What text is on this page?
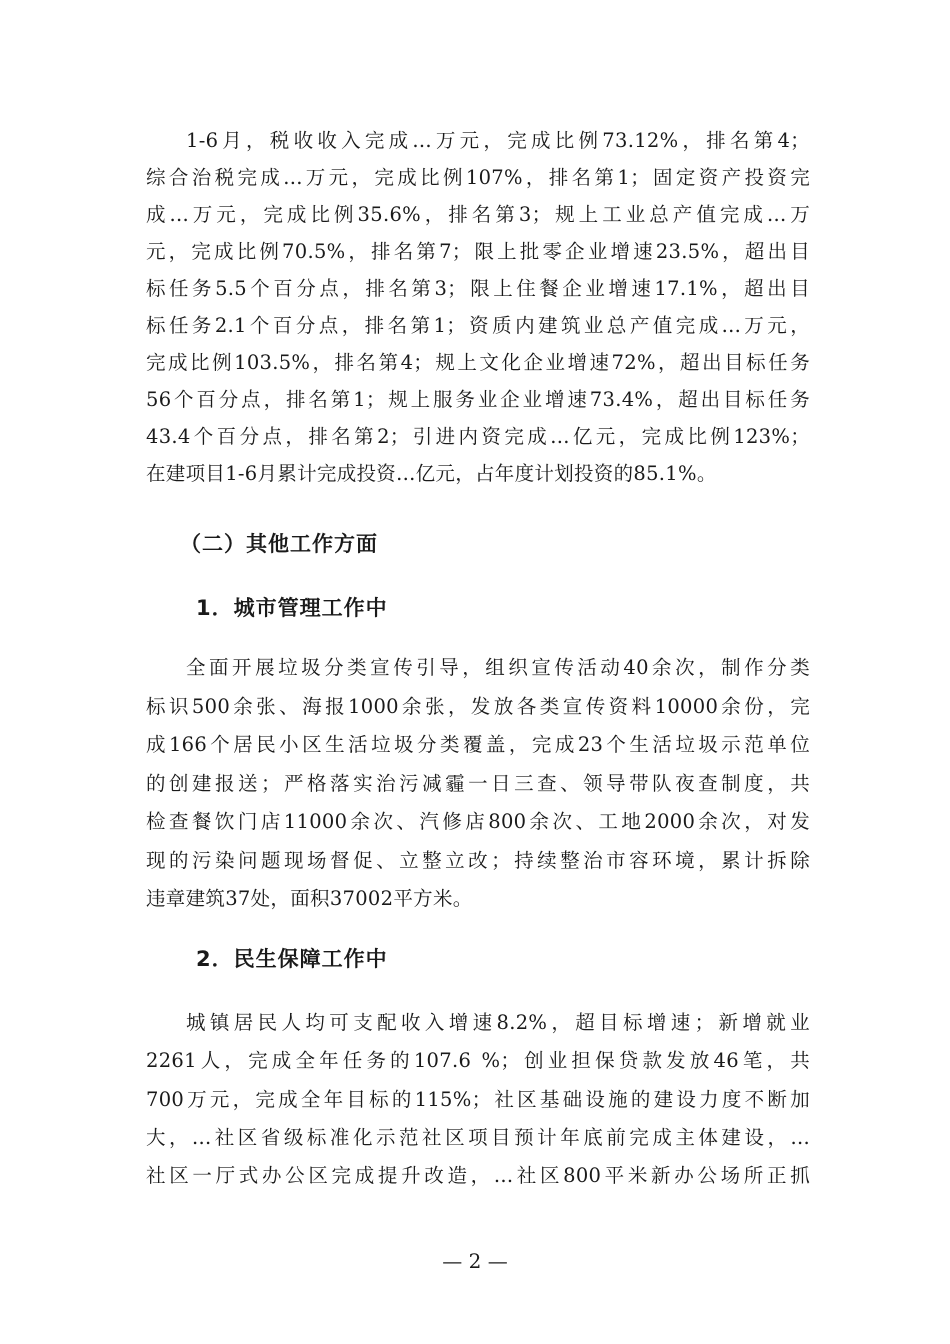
1-6月，税收收入完成...万元，完成比例73.12%，排名第4；
综合治税完成...万元，完成比例107%，排名第1；固定资产投资完
成...万元，完成比例35.6%，排名第3；规上工业总产值完成...万
元，完成比例70.5%，排名第7；限上批零企业增速23.5%，超出目
标任务5.5个百分点，排名第3；限上住餐企业增速17.1%，超出目
标任务2.1个百分点，排名第1；资质内建筑业总产值完成...万元，
完成比例103.5%，排名第4；规上文化企业增速72%，超出目标任务
56个百分点，排名第1；规上服务业企业增速73.4%，超出目标任务
43.4个百分点，排名第2；引进内资完成...亿元，完成比例123%；
在建项目1-6月累计完成投资...亿元，占年度计划投资的85.1%。
（二）其他工作方面
1．城市管理工作中
全面开展垃圾分类宣传引导，组织宣传活动40余次，制作分类
标识500余张、海报1000余张，发放各类宣传资料10000余份，完
成166个居民小区生活垃圾分类覆盖，完成23个生活垃圾示范单位
的创建报送；严格落实治污减霾一日三查、领导带队夜查制度，共
检查餐饮门店11000余次、汽修店800余次、工地2000余次，对发
现的污染问题现场督促、立整立改；持续整治市容环境，累计拆除
违章建筑37处，面积37002平方米。
2．民生保障工作中
城镇居民人均可支配收入增速8.2%，超目标增速；新增就业
2261人，完成全年任务的107.6 %；创业担保贷款发放46笔，共
700万元，完成全年目标的115%；社区基础设施的建设力度不断加
大，...社区省级标准化示范社区项目预计年底前完成主体建设，...
社区一厅式办公区完成提升改造，...社区800平米新办公场所正抓
— 2 —
